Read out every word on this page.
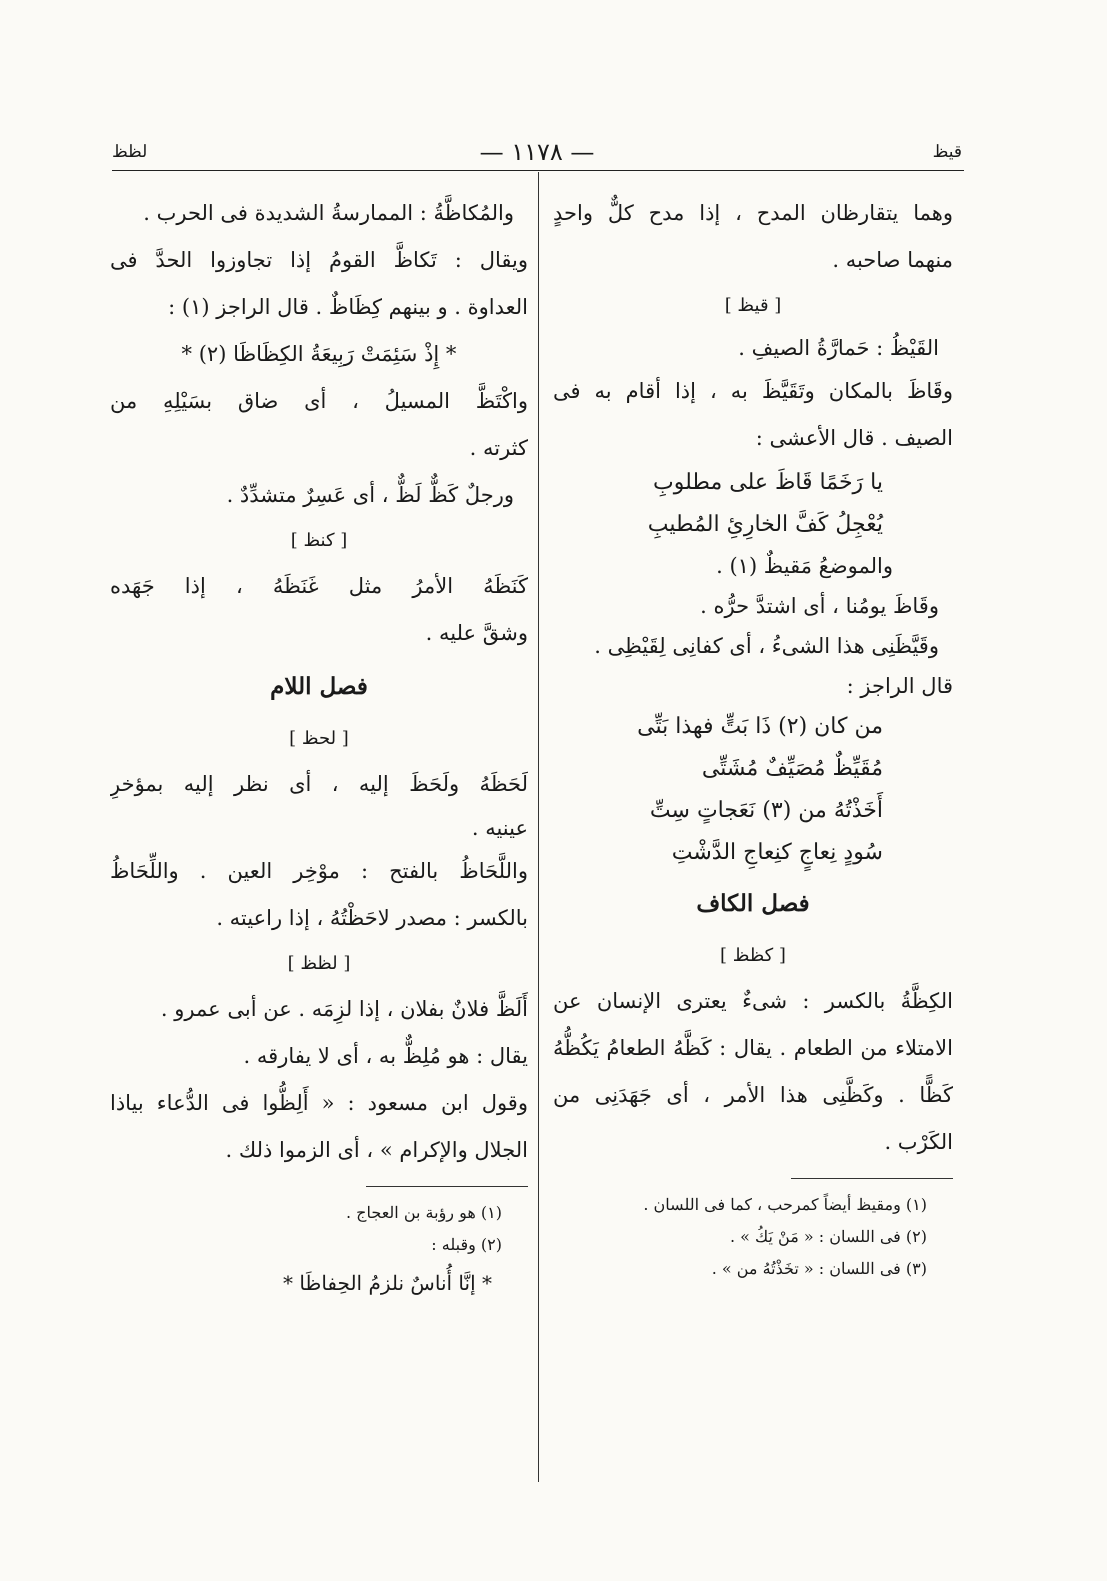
قيظ
— ١١٧٨ —
لظظ
وهما يتقارظان المدح ، إذا مدح كلٌّ واحدٍ
منهما صاحبه .
[ قيظ ]
القَيْظُ : حَمارَّةُ الصيفِ .
وقَاظَ بالمكان وتَقَيَّظَ به ، إذا أقام به فى
الصيف . قال الأعشى :
يا رَخَمًا قَاظَ على مطلوبِ
يُعْجِلُ كَفَّ الخارِئِ المُطيبِ
والموضعُ مَقيظٌ (١) .
وقَاظَ يومُنا ، أى اشتدَّ حرُّه .
وقَيَّظَنِى هذا الشىءُ ، أى كفانِى لِقَيْظِى .
قال الراجز :
من كان (٢) ذَا بَتٍّ فهذا بَتِّى
مُقَيِّظٌ مُصَيِّفٌ مُشَتِّى
أَخَذْتُهُ من (٣) نَعَجاتٍ سِتِّ
سُودٍ نِعاجٍ كنِعاجِ الدَّشْتِ
فصل الكاف
[ كظظ ]
الكِظَّةُ بالكسر : شىءٌ يعترى الإنسان عن
الامتلاء من الطعام . يقال : كَظَّهُ الطعامُ يَكُظُّهُ
كَظًّا . وكَظَّنِى هذا الأمر ، أى جَهَدَنِى من
الكَرْب .
(١) ومقيظ أيضاً كمرحب ، كما فى اللسان .
(٢) فى اللسان : « مَنْ يَكُ » .
(٣) فى اللسان : « تخَذْتُهُ من » .
والمُكاظَّةُ : الممارسةُ الشديدة فى الحرب .
ويقال : تَكاظَّ القومُ إذا تجاوزوا الحدَّ فى
العداوة . و بينهم كِظَاظٌ . قال الراجز (١) :
* إِذْ سَئِمَتْ رَبِيعَةُ الكِظَاظَا (٢) *
واكْتَظَّ المسيلُ ، أى ضاق بسَيْلِهِ من
كثرته .
ورجلٌ كَظٌّ لَظٌّ ، أى عَسِرٌ متشدِّدٌ .
[ كنظ ]
كَنَظَهُ الأمرُ مثل غَنَظَهُ ، إذا جَهَده
وشقَّ عليه .
فصل اللام
[ لحظ ]
لَحَظَهُ ولَحَظَ إليه ، أى نظر إليه بمؤخرِ
عينيه .
واللَّحَاظُ بالفتح : موْخِر العين . واللِّحَاظُ
بالكسر : مصدر لاحَظْتُهُ ، إذا راعيته .
[ لظظ ]
أَلَظَّ فلانٌ بفلان ، إذا لزِمَه . عن أبى عمرو .
يقال : هو مُلِظٌّ به ، أى لا يفارقه .
وقول ابن مسعود : « أَلِظُّوا فى الدُّعاء بياذا
الجلال والإكرام » ، أى الزموا ذلك .
(١) هو رؤبة بن العجاج .
(٢) وقبله :
* إنَّا أُناسٌ نلزمُ الحِفاظَا *
